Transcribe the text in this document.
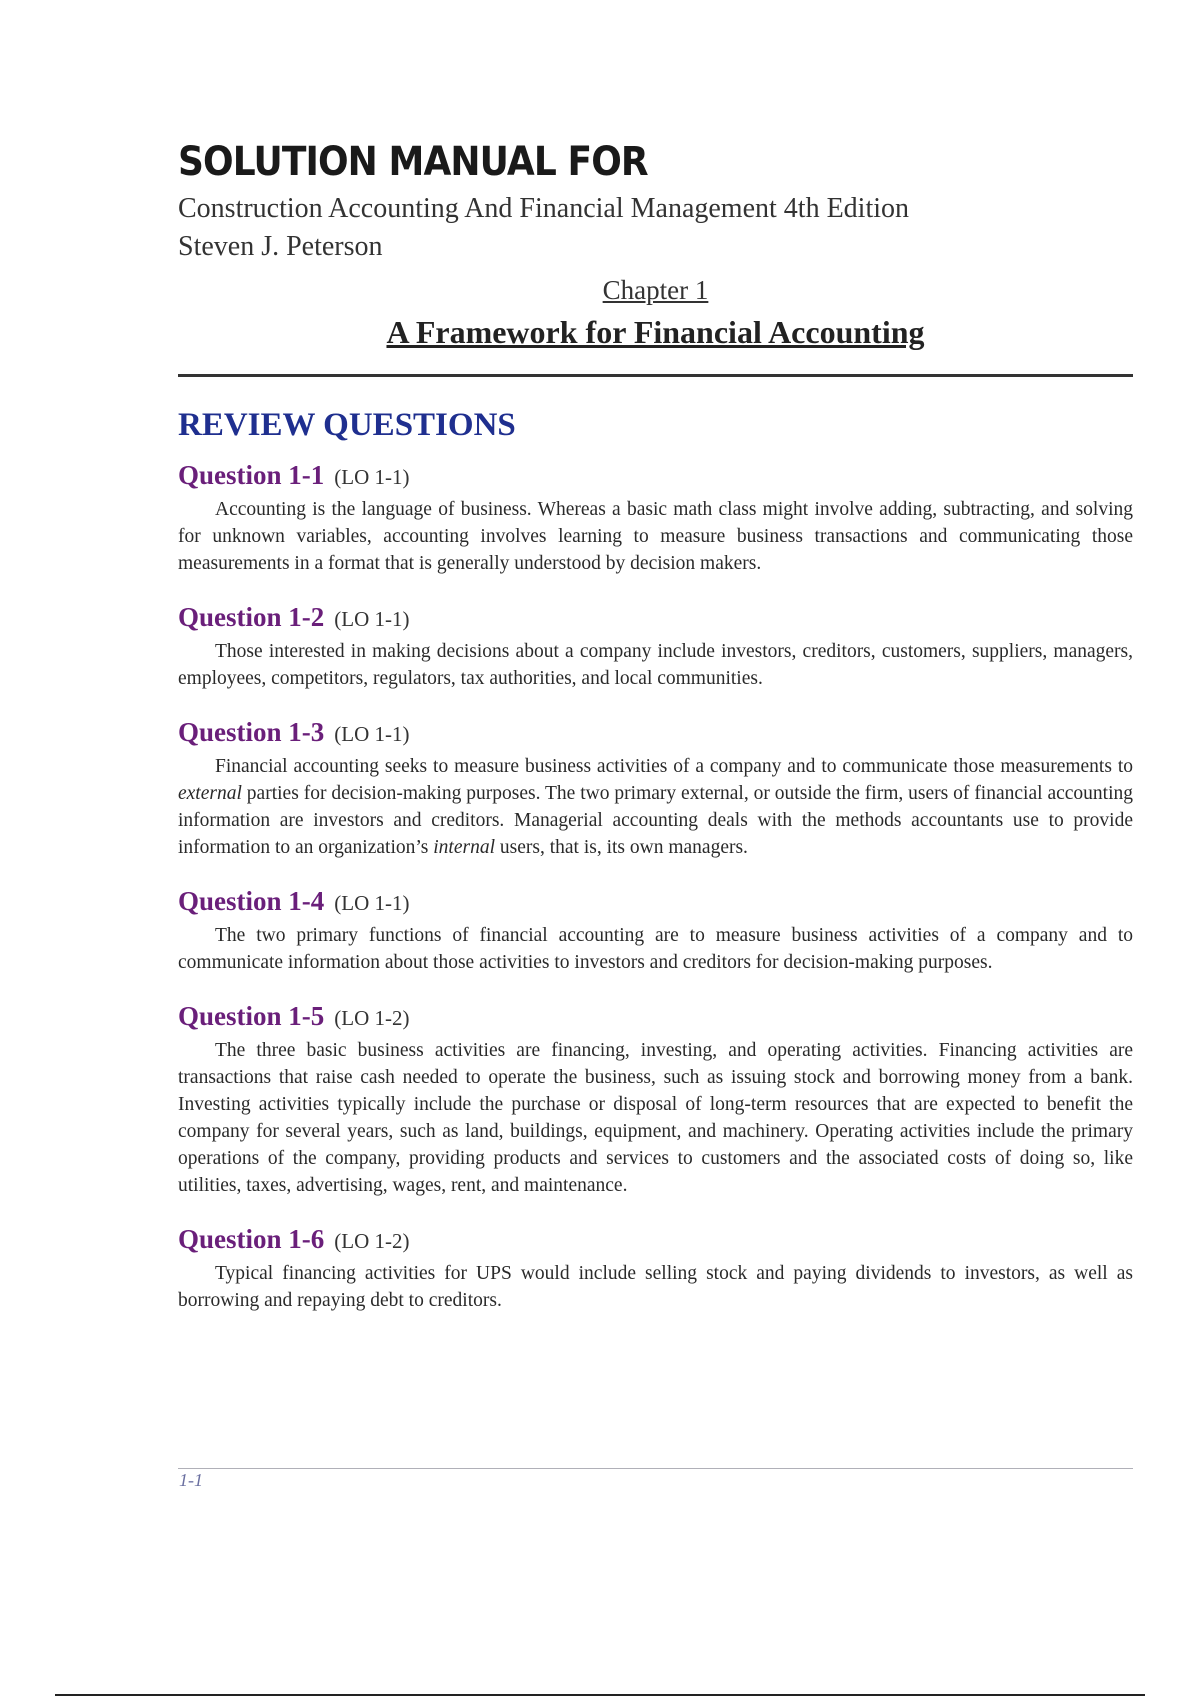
SOLUTION MANUAL FOR

Construction Accounting And Financial Management 4th Edition

Steven J. Peterson

Chapter 1
A Framework for Financial Accounting
REVIEW QUESTIONS
Question 1-1 (LO 1-1)

Accounting is the language of business. Whereas a basic math class might involve adding, subtracting, and solving for unknown variables, accounting involves learning to measure business transactions and communicating those measurements in a format that is generally understood by decision makers.

Question 1-2 (LO 1-1)

Those interested in making decisions about a company include investors, creditors, customers, suppliers, managers, employees, competitors, regulators, tax authorities, and local communities.

Question 1-3 (LO 1-1)

Financial accounting seeks to measure business activities of a company and to communicate those measurements to external parties for decision-making purposes. The two primary external, or outside the firm, users of financial accounting information are investors and creditors. Managerial accounting deals with the methods accountants use to provide information to an organization’s internal users, that is, its own managers.

Question 1-4 (LO 1-1)

The two primary functions of financial accounting are to measure business activities of a company and to communicate information about those activities to investors and creditors for decision-making purposes.

Question 1-5 (LO 1-2)

The three basic business activities are financing, investing, and operating activities. Financing activities are transactions that raise cash needed to operate the business, such as issuing stock and borrowing money from a bank. Investing activities typically include the purchase or disposal of long-term resources that are expected to benefit the company for several years, such as land, buildings, equipment, and machinery. Operating activities include the primary operations of the company, providing products and services to customers and the associated costs of doing so, like utilities, taxes, advertising, wages, rent, and maintenance.

Question 1-6 (LO 1-2)

Typical financing activities for UPS would include selling stock and paying dividends to investors, as well as borrowing and repaying debt to creditors.

1-1
